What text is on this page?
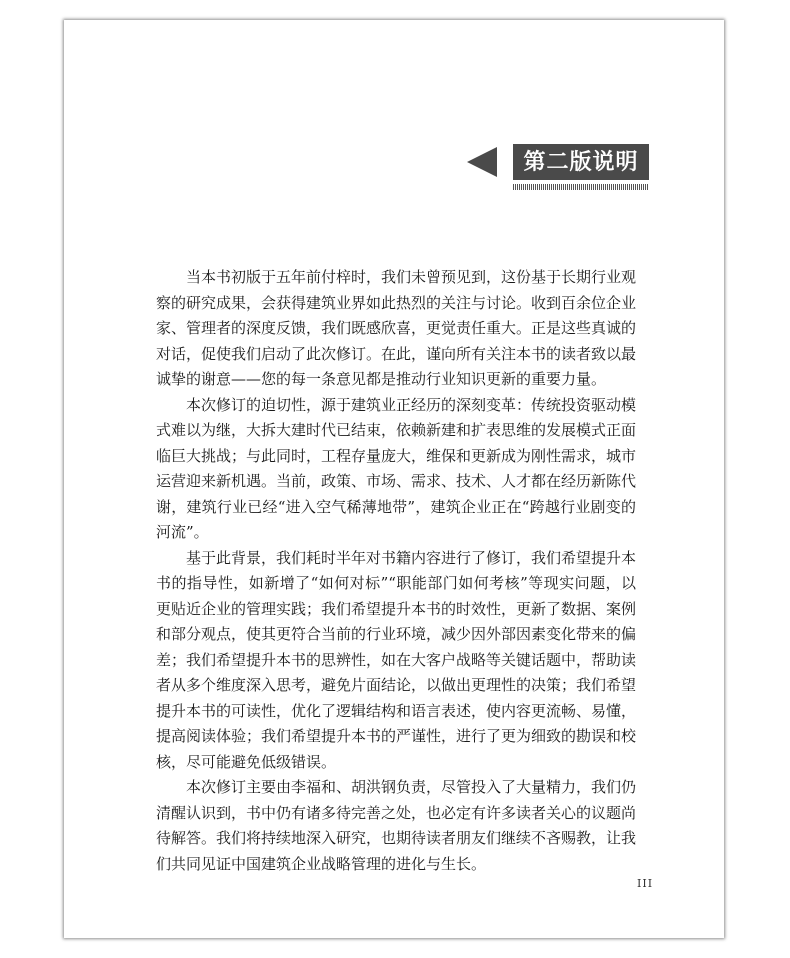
第二版说明

当本书初版于五年前付梓时，我们未曾预见到，这份基于长期行业观察的研究成果，会获得建筑业界如此热烈的关注与讨论。收到百余位企业家、管理者的深度反馈，我们既感欣喜，更觉责任重大。正是这些真诚的对话，促使我们启动了此次修订。在此，谨向所有关注本书的读者致以最诚挚的谢意——您的每一条意见都是推动行业知识更新的重要力量。

本次修订的迫切性，源于建筑业正经历的深刻变革：传统投资驱动模式难以为继，大拆大建时代已结束，依赖新建和扩表思维的发展模式正面临巨大挑战；与此同时，工程存量庞大，维保和更新成为刚性需求，城市运营迎来新机遇。当前，政策、市场、需求、技术、人才都在经历新陈代谢，建筑行业已经“进入空气稀薄地带”，建筑企业正在“跨越行业剧变的河流”。

基于此背景，我们耗时半年对书籍内容进行了修订，我们希望提升本书的指导性，如新增了“如何对标”“职能部门如何考核”等现实问题，以更贴近企业的管理实践；我们希望提升本书的时效性，更新了数据、案例和部分观点，使其更符合当前的行业环境，减少因外部因素变化带来的偏差；我们希望提升本书的思辨性，如在大客户战略等关键话题中，帮助读者从多个维度深入思考，避免片面结论，以做出更理性的决策；我们希望提升本书的可读性，优化了逻辑结构和语言表述，使内容更流畅、易懂，提高阅读体验；我们希望提升本书的严谨性，进行了更为细致的勘误和校核，尽可能避免低级错误。

本次修订主要由李福和、胡洪钢负责，尽管投入了大量精力，我们仍清醒认识到，书中仍有诸多待完善之处，也必定有许多读者关心的议题尚待解答。我们将持续地深入研究，也期待读者朋友们继续不吝赐教，让我们共同见证中国建筑企业战略管理的进化与生长。

III
